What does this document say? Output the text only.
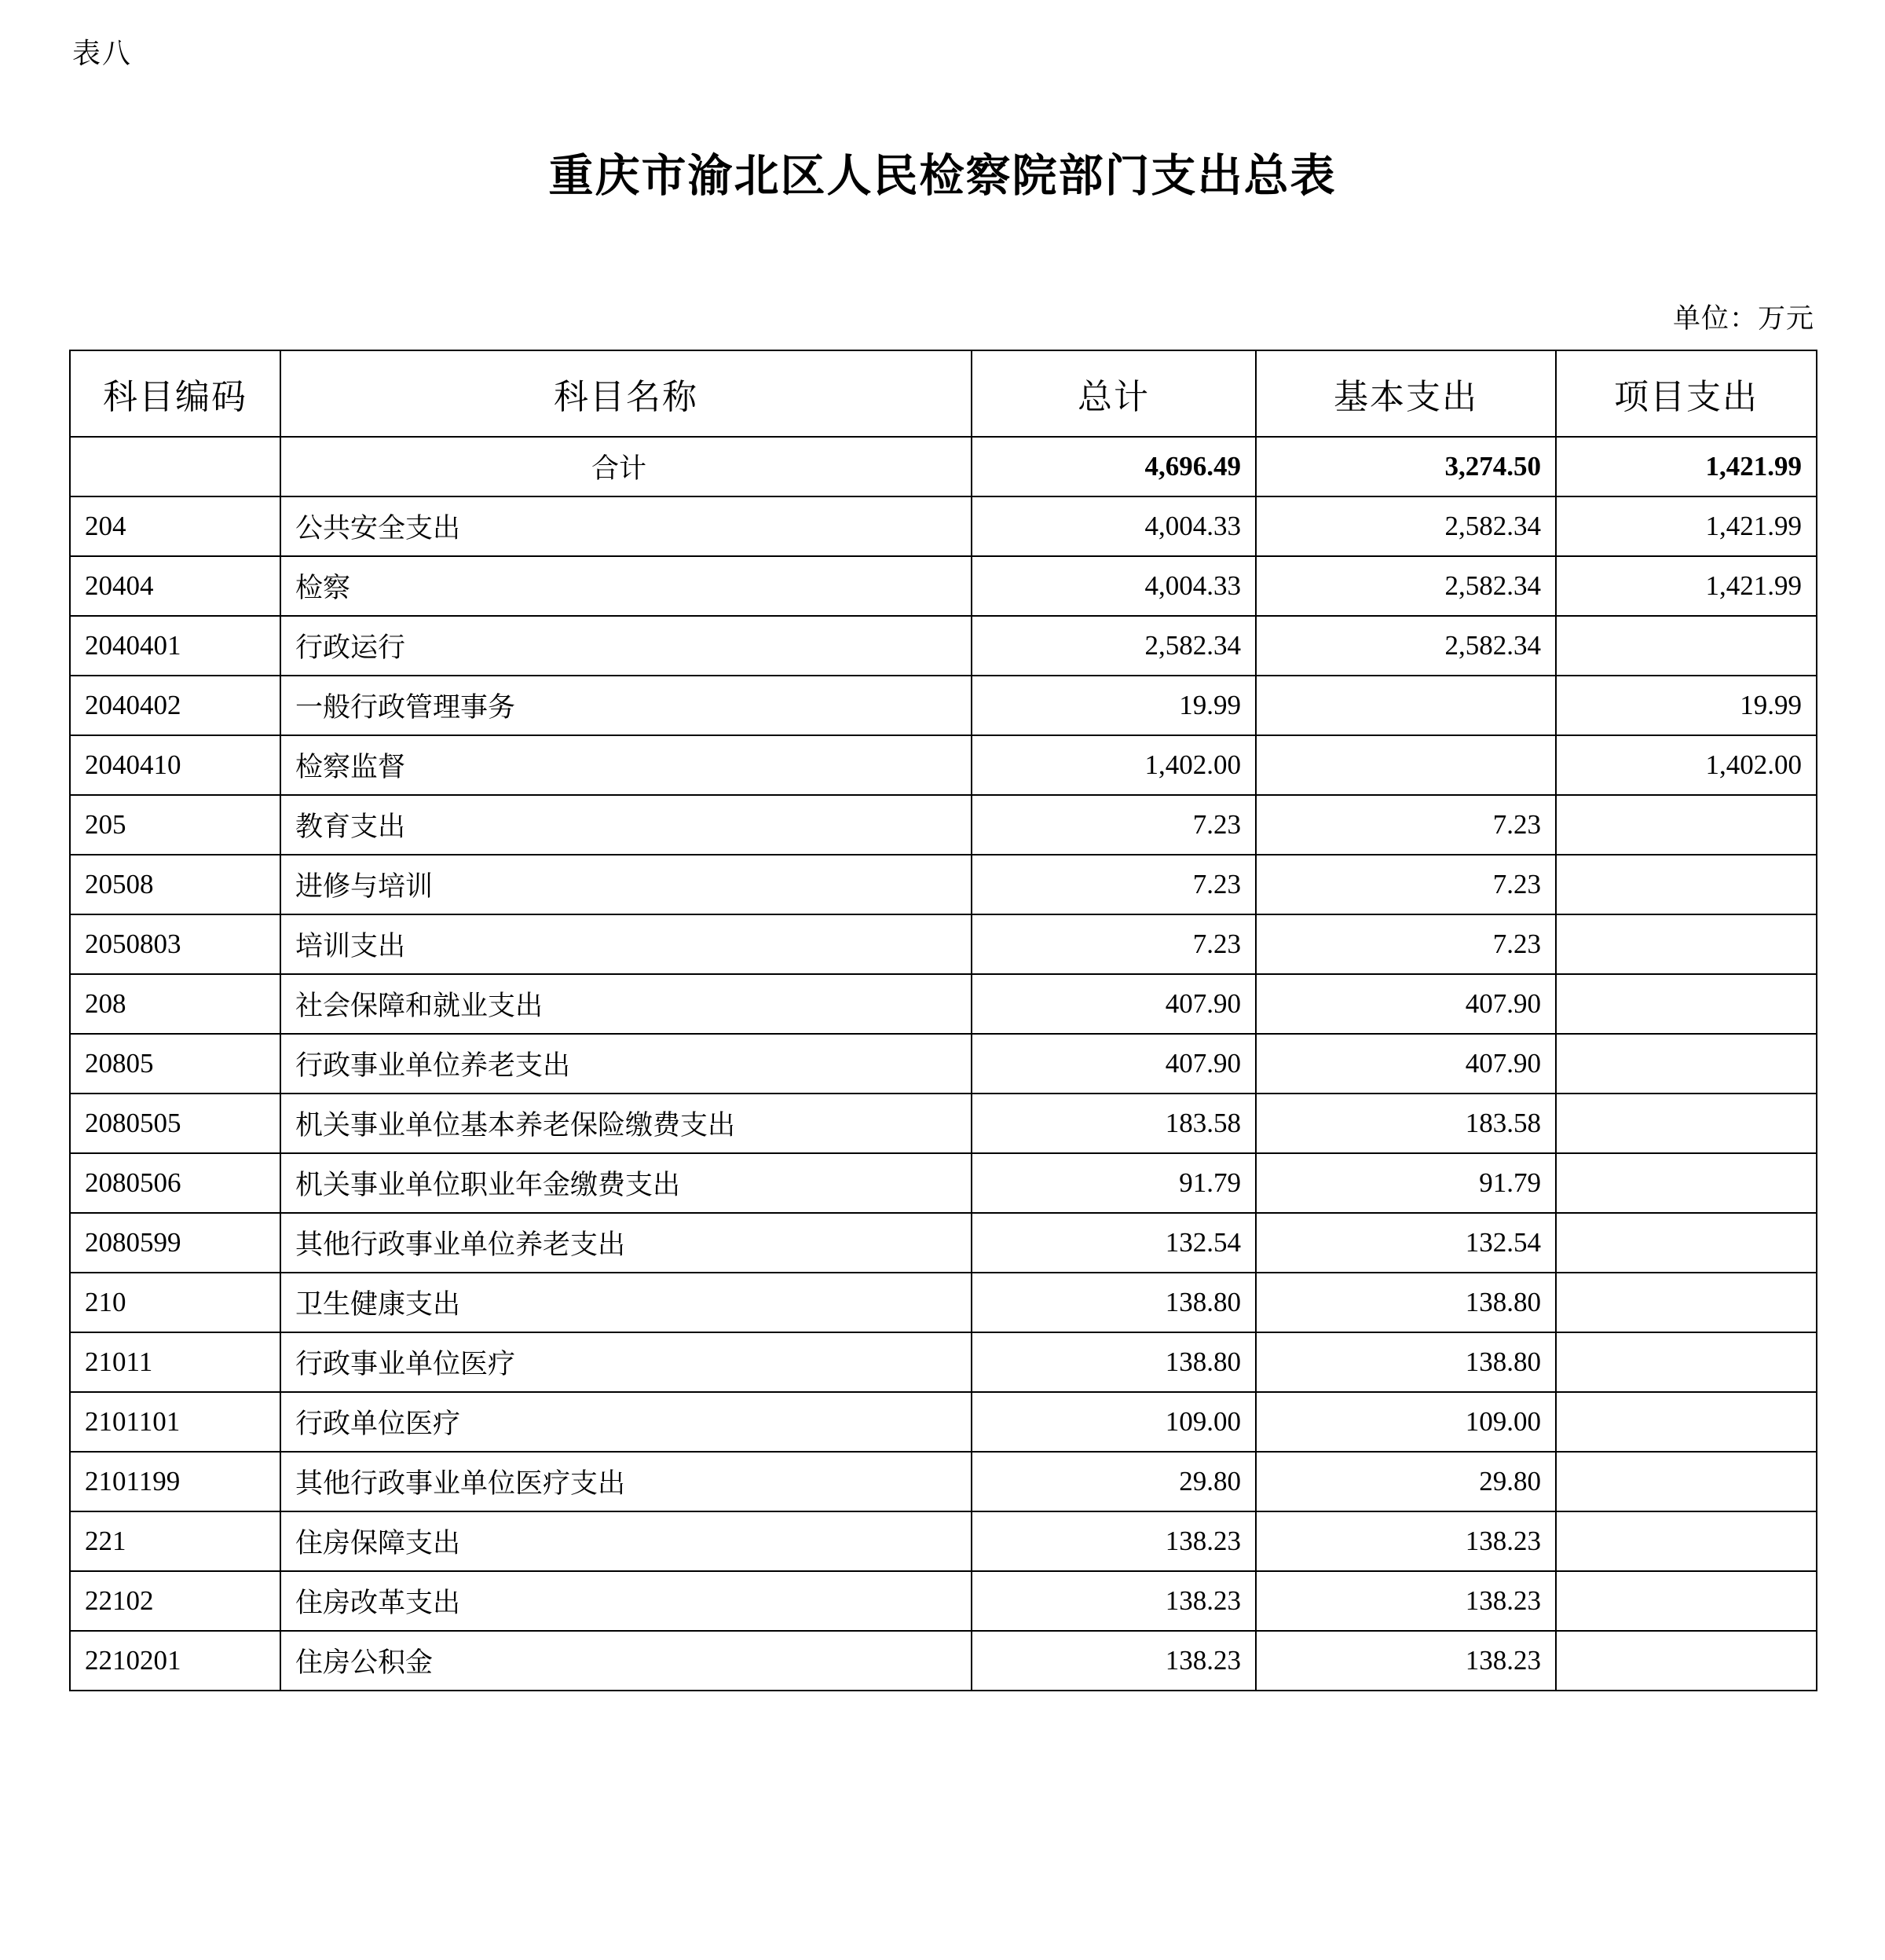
表八
重庆市渝北区人民检察院部门支出总表
单位：万元
科目编码	科目名称	总计	基本支出	项目支出
	合计	4,696.49	3,274.50	1,421.99
204	公共安全支出	4,004.33	2,582.34	1,421.99
20404	检察	4,004.33	2,582.34	1,421.99
2040401	行政运行	2,582.34	2,582.34	
2040402	一般行政管理事务	19.99		19.99
2040410	检察监督	1,402.00		1,402.00
205	教育支出	7.23	7.23	
20508	进修与培训	7.23	7.23	
2050803	培训支出	7.23	7.23	
208	社会保障和就业支出	407.90	407.90	
20805	行政事业单位养老支出	407.90	407.90	
2080505	机关事业单位基本养老保险缴费支出	183.58	183.58	
2080506	机关事业单位职业年金缴费支出	91.79	91.79	
2080599	其他行政事业单位养老支出	132.54	132.54	
210	卫生健康支出	138.80	138.80	
21011	行政事业单位医疗	138.80	138.80	
2101101	行政单位医疗	109.00	109.00	
2101199	其他行政事业单位医疗支出	29.80	29.80	
221	住房保障支出	138.23	138.23	
22102	住房改革支出	138.23	138.23	
2210201	住房公积金	138.23	138.23	
